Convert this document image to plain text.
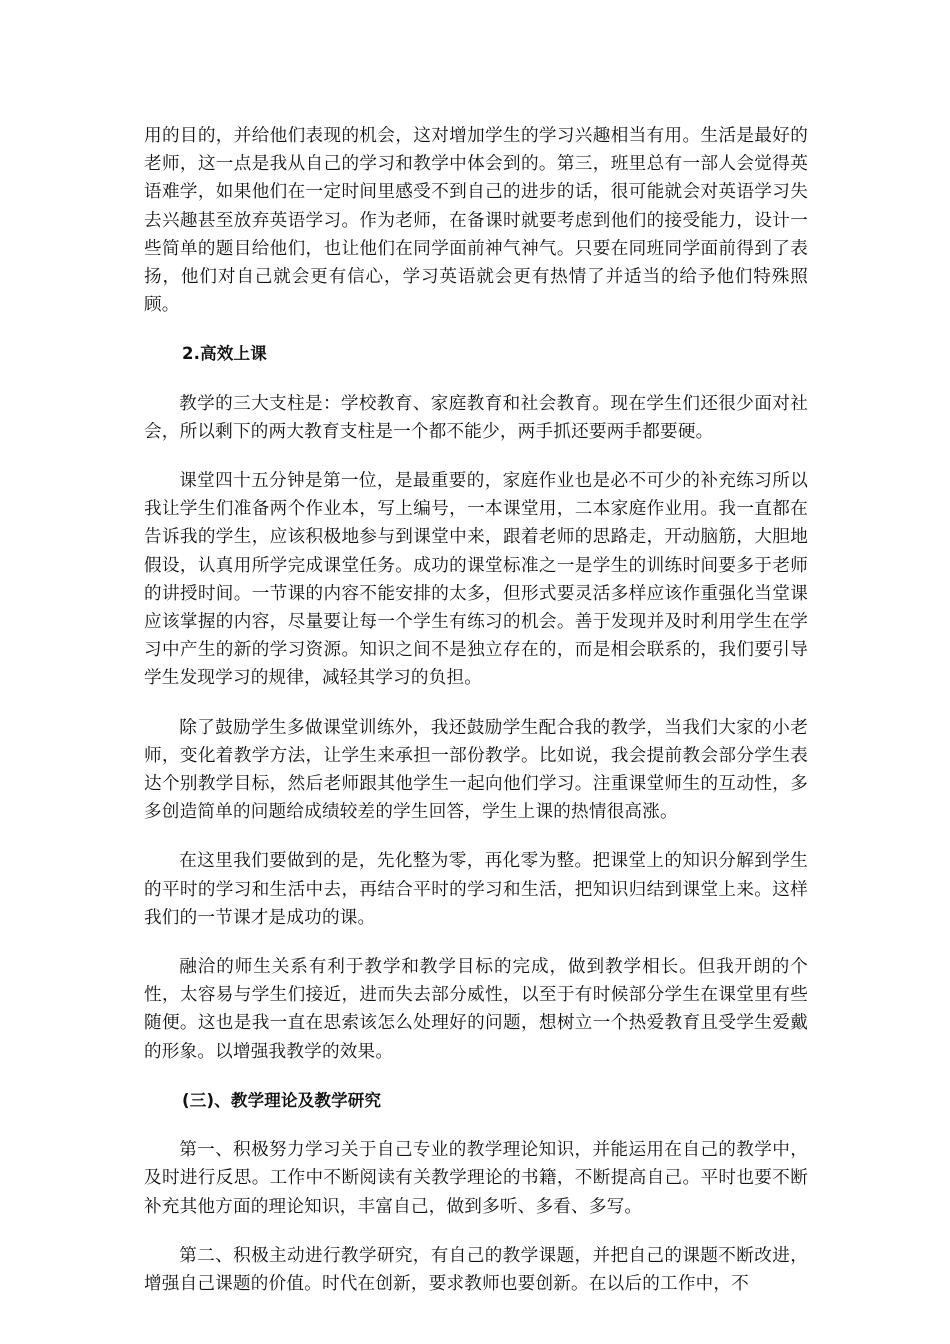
用的目的，并给他们表现的机会，这对增加学生的学习兴趣相当有用。生活是最好的老师，这一点是我从自己的学习和教学中体会到的。第三，班里总有一部人会觉得英语难学，如果他们在一定时间里感受不到自己的进步的话，很可能就会对英语学习失去兴趣甚至放弃英语学习。作为老师，在备课时就要考虑到他们的接受能力，设计一些简单的题目给他们，也让他们在同学面前神气神气。只要在同班同学面前得到了表扬，他们对自己就会更有信心，学习英语就会更有热情了并适当的给予他们特殊照顾。

2.高效上课

教学的三大支柱是：学校教育、家庭教育和社会教育。现在学生们还很少面对社会，所以剩下的两大教育支柱是一个都不能少，两手抓还要两手都要硬。

课堂四十五分钟是第一位，是最重要的，家庭作业也是必不可少的补充练习所以我让学生们准备两个作业本，写上编号，一本课堂用，二本家庭作业用。我一直都在告诉我的学生，应该积极地参与到课堂中来，跟着老师的思路走，开动脑筋，大胆地假设，认真用所学完成课堂任务。成功的课堂标准之一是学生的训练时间要多于老师的讲授时间。一节课的内容不能安排的太多，但形式要灵活多样应该作重强化当堂课应该掌握的内容，尽量要让每一个学生有练习的机会。善于发现并及时利用学生在学习中产生的新的学习资源。知识之间不是独立存在的，而是相会联系的，我们要引导学生发现学习的规律，减轻其学习的负担。

除了鼓励学生多做课堂训练外，我还鼓励学生配合我的教学，当我们大家的小老师，变化着教学方法，让学生来承担一部份教学。比如说，我会提前教会部分学生表达个别教学目标，然后老师跟其他学生一起向他们学习。注重课堂师生的互动性，多多创造简单的问题给成绩较差的学生回答，学生上课的热情很高涨。

在这里我们要做到的是，先化整为零，再化零为整。把课堂上的知识分解到学生的平时的学习和生活中去，再结合平时的学习和生活，把知识归结到课堂上来。这样我们的一节课才是成功的课。

融洽的师生关系有利于教学和教学目标的完成，做到教学相长。但我开朗的个性，太容易与学生们接近，进而失去部分威性，以至于有时候部分学生在课堂里有些随便。这也是我一直在思索该怎么处理好的问题，想树立一个热爱教育且受学生爱戴的形象。以增强我教学的效果。

(三)、教学理论及教学研究

第一、积极努力学习关于自己专业的教学理论知识，并能运用在自己的教学中，及时进行反思。工作中不断阅读有关教学理论的书籍，不断提高自己。平时也要不断补充其他方面的理论知识，丰富自己，做到多听、多看、多写。

第二、积极主动进行教学研究，有自己的教学课题，并把自己的课题不断改进，增强自己课题的价值。时代在创新，要求教师也要创新。在以后的工作中，不
